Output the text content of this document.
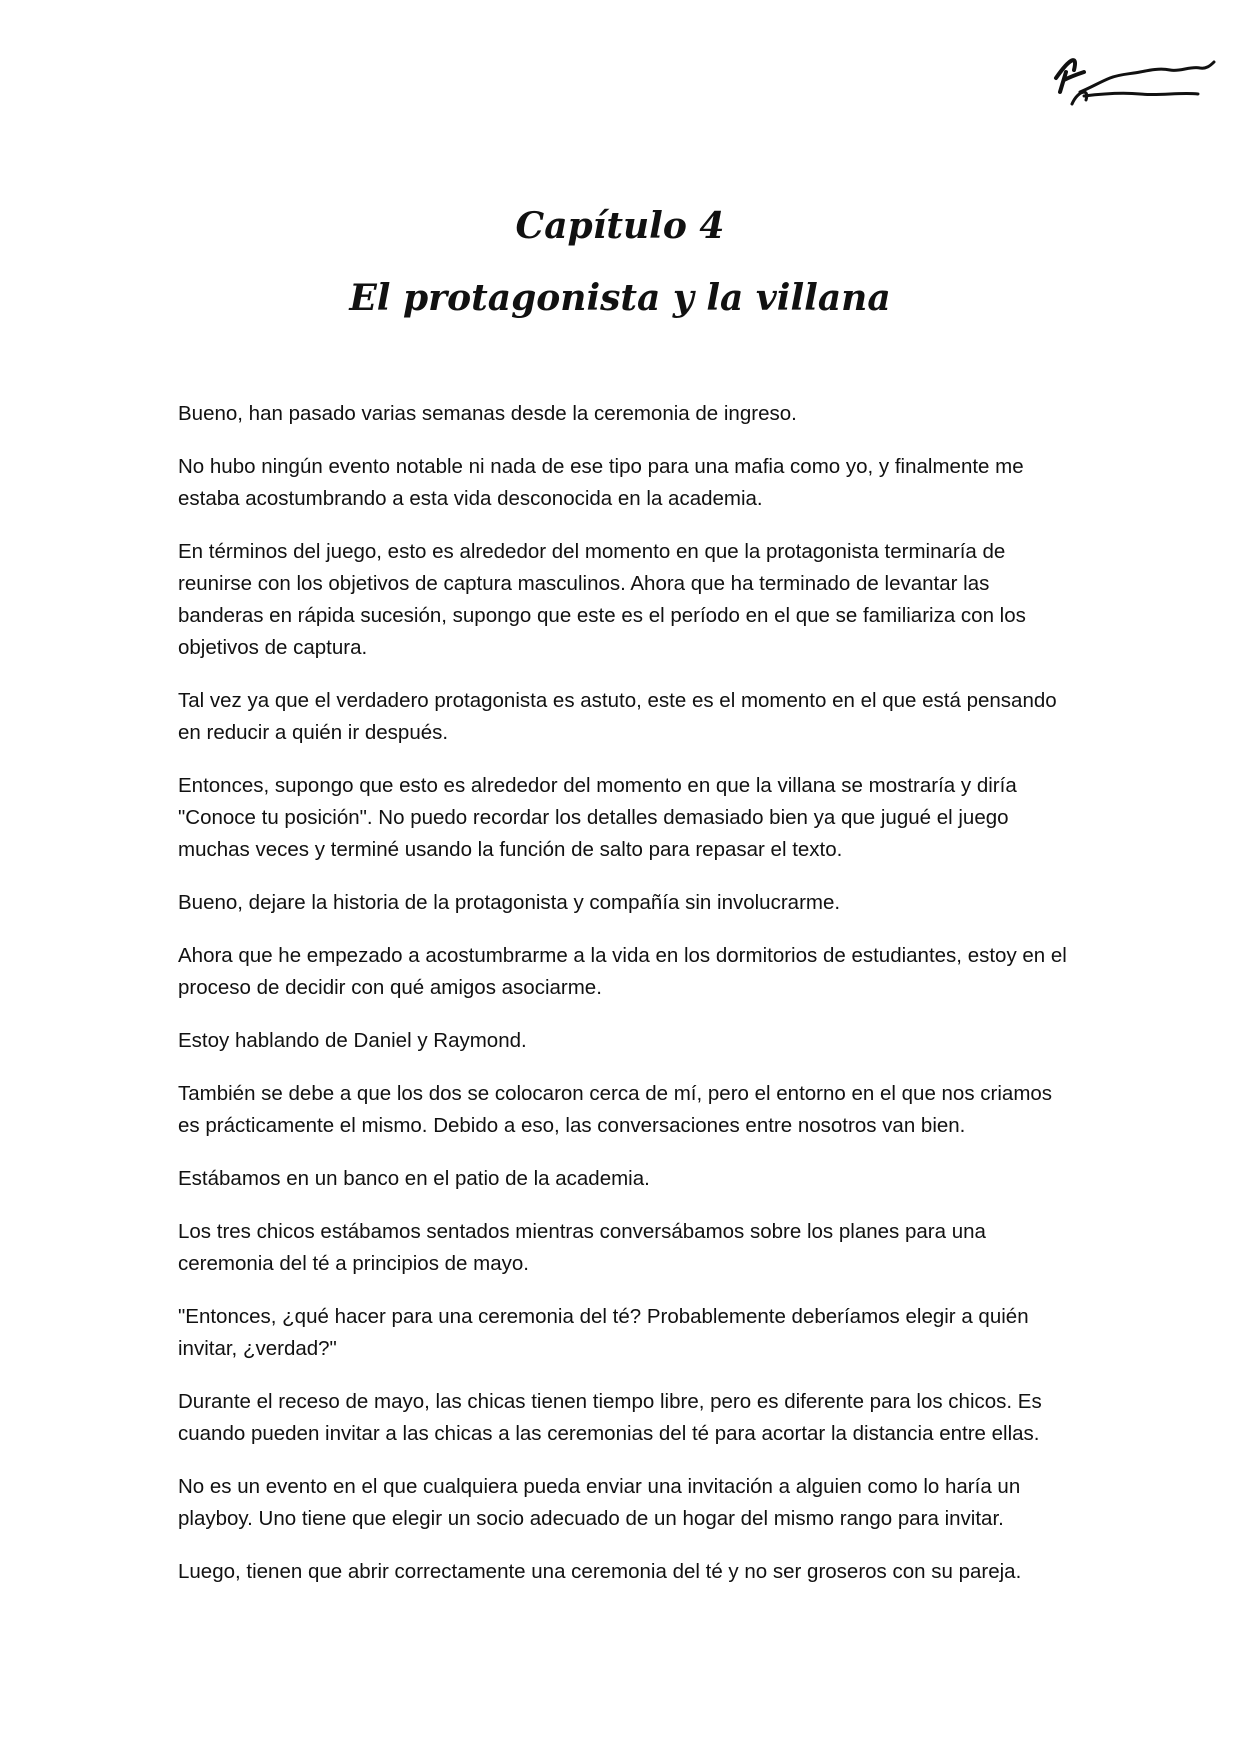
Capítulo 4
El protagonista y la villana

Bueno, han pasado varias semanas desde la ceremonia de ingreso.

No hubo ningún evento notable ni nada de ese tipo para una mafia como yo, y finalmente me estaba acostumbrando a esta vida desconocida en la academia.

En términos del juego, esto es alrededor del momento en que la protagonista terminaría de reunirse con los objetivos de captura masculinos. Ahora que ha terminado de levantar las banderas en rápida sucesión, supongo que este es el período en el que se familiariza con los objetivos de captura.

Tal vez ya que el verdadero protagonista es astuto, este es el momento en el que está pensando en reducir a quién ir después.

Entonces, supongo que esto es alrededor del momento en que la villana se mostraría y diría "Conoce tu posición". No puedo recordar los detalles demasiado bien ya que jugué el juego muchas veces y terminé usando la función de salto para repasar el texto.

Bueno, dejare la historia de la protagonista y compañía sin involucrarme.

Ahora que he empezado a acostumbrarme a la vida en los dormitorios de estudiantes, estoy en el proceso de decidir con qué amigos asociarme.

Estoy hablando de Daniel y Raymond.

También se debe a que los dos se colocaron cerca de mí, pero el entorno en el que nos criamos es prácticamente el mismo. Debido a eso, las conversaciones entre nosotros van bien.

Estábamos en un banco en el patio de la academia.

Los tres chicos estábamos sentados mientras conversábamos sobre los planes para una ceremonia del té a principios de mayo.

"Entonces, ¿qué hacer para una ceremonia del té? Probablemente deberíamos elegir a quién invitar, ¿verdad?"

Durante el receso de mayo, las chicas tienen tiempo libre, pero es diferente para los chicos. Es cuando pueden invitar a las chicas a las ceremonias del té para acortar la distancia entre ellas.

No es un evento en el que cualquiera pueda enviar una invitación a alguien como lo haría un playboy. Uno tiene que elegir un socio adecuado de un hogar del mismo rango para invitar.

Luego, tienen que abrir correctamente una ceremonia del té y no ser groseros con su pareja.
